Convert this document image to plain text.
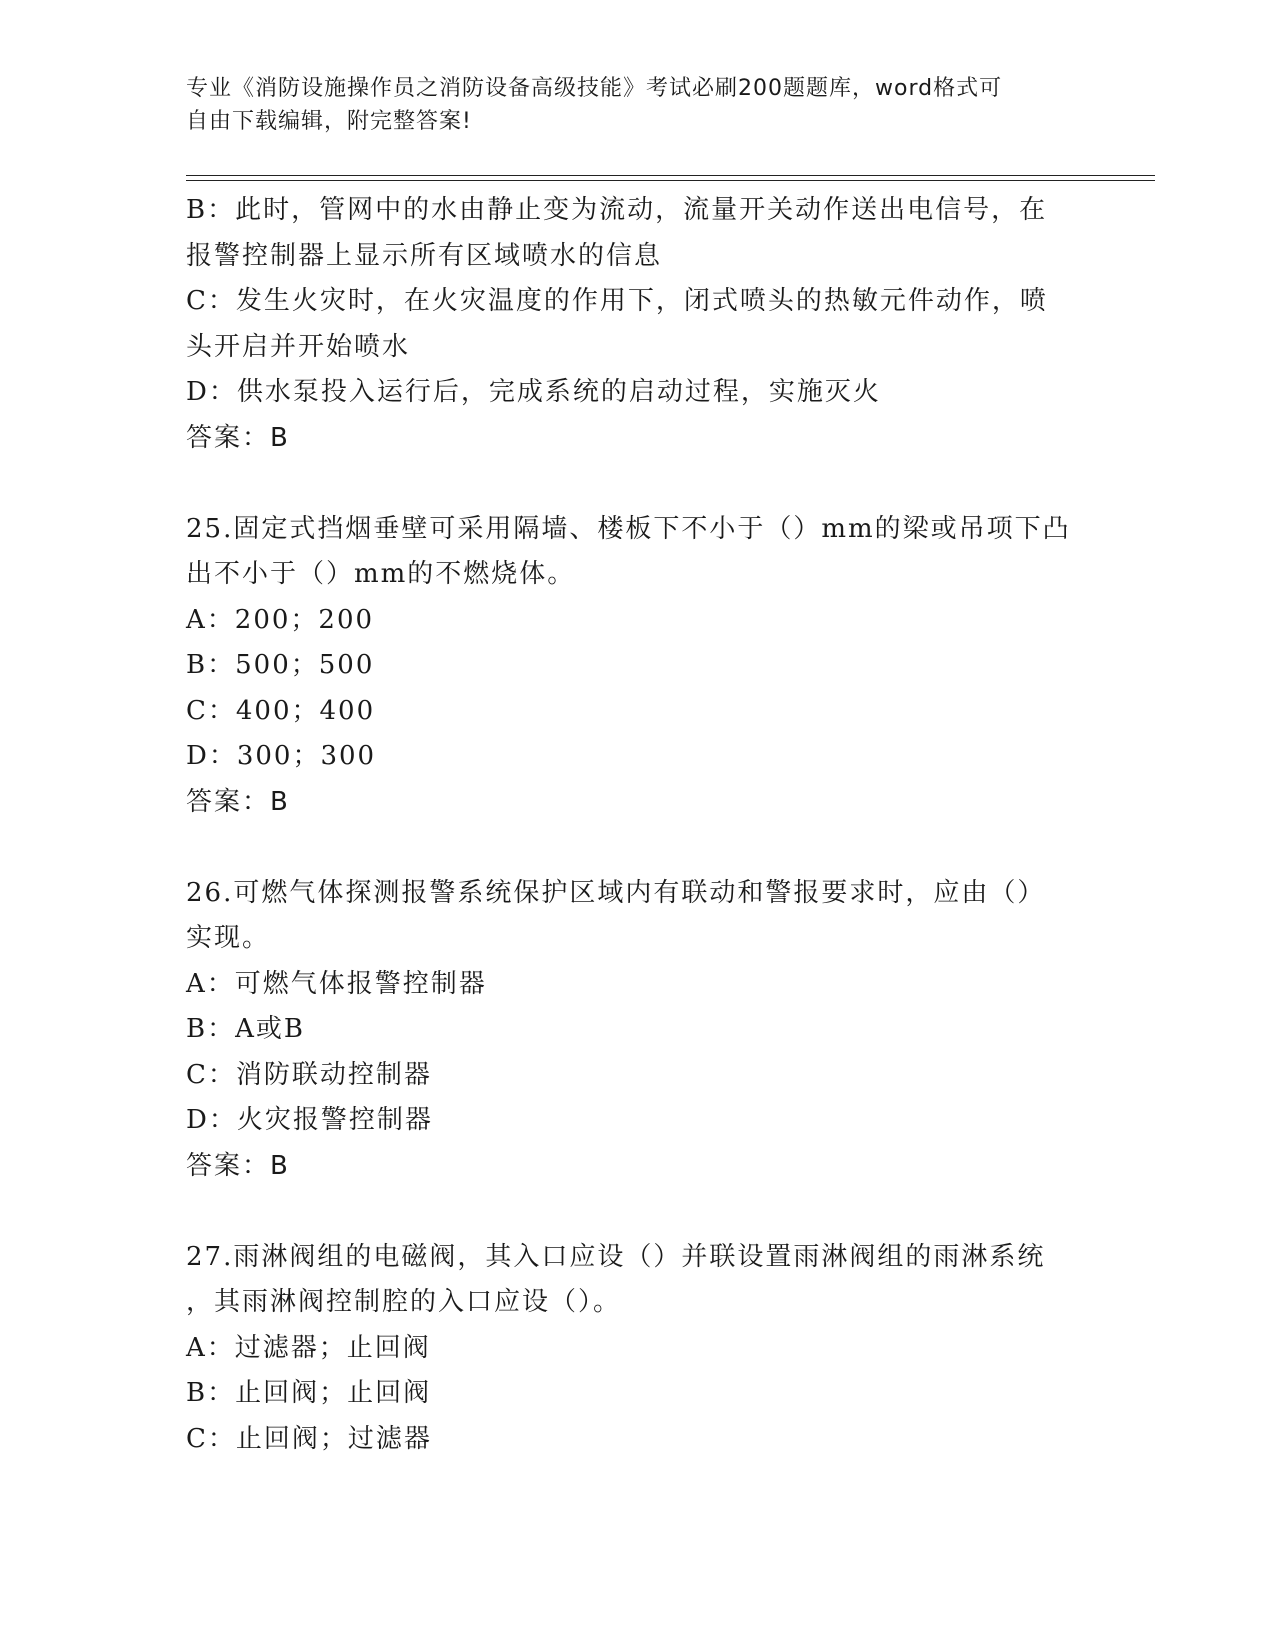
专业《消防设施操作员之消防设备高级技能》考试必刷200题题库，word格式可
自由下载编辑，附完整答案!
B：此时，管网中的水由静止变为流动，流量开关动作送出电信号，在
报警控制器上显示所有区域喷水的信息
C：发生火灾时，在火灾温度的作用下，闭式喷头的热敏元件动作，喷
头开启并开始喷水
D：供水泵投入运行后，完成系统的启动过程，实施灭火
答案：B
25.固定式挡烟垂壁可采用隔墙、楼板下不小于（）mm的梁或吊项下凸
出不小于（）mm的不燃烧体。
A：200；200
B：500；500
C：400；400
D：300；300
答案：B
26.可燃气体探测报警系统保护区域内有联动和警报要求时，应由（）
实现。
A：可燃气体报警控制器
B：A或B
C：消防联动控制器
D：火灾报警控制器
答案：B
27.雨淋阀组的电磁阀，其入口应设（）并联设置雨淋阀组的雨淋系统
，其雨淋阀控制腔的入口应设（）。
A：过滤器；止回阀
B：止回阀；止回阀
C：止回阀；过滤器
